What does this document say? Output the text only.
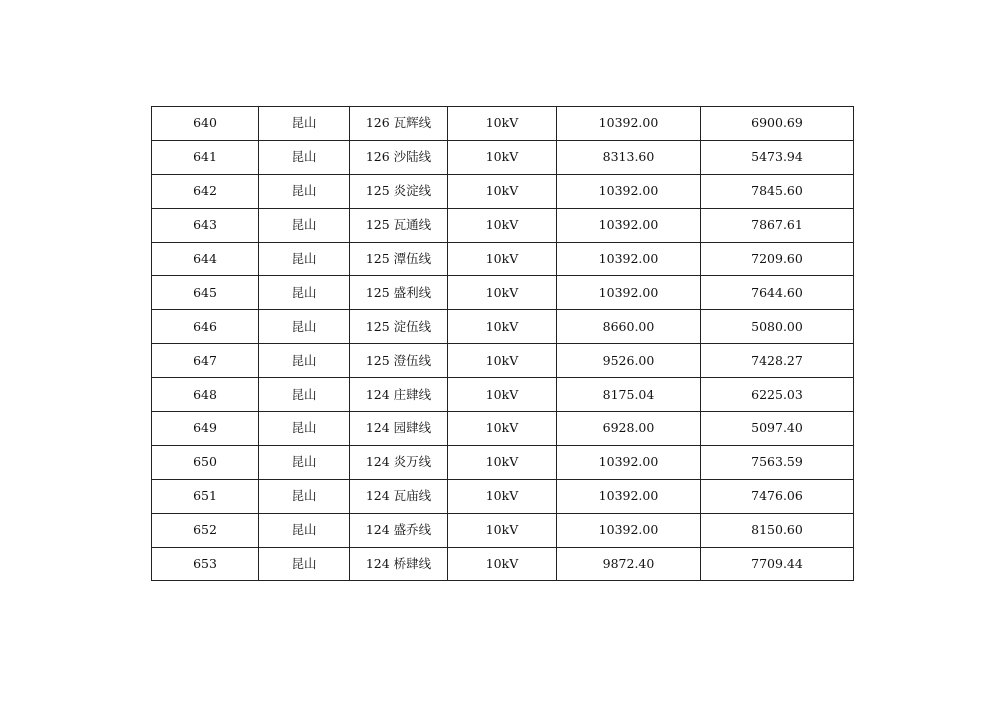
640	昆山	126 瓦辉线	10kV	10392.00	6900.69
641	昆山	126 沙陆线	10kV	8313.60	5473.94
642	昆山	125 炎淀线	10kV	10392.00	7845.60
643	昆山	125 瓦通线	10kV	10392.00	7867.61
644	昆山	125 潭伍线	10kV	10392.00	7209.60
645	昆山	125 盛利线	10kV	10392.00	7644.60
646	昆山	125 淀伍线	10kV	8660.00	5080.00
647	昆山	125 澄伍线	10kV	9526.00	7428.27
648	昆山	124 庄肆线	10kV	8175.04	6225.03
649	昆山	124 园肆线	10kV	6928.00	5097.40
650	昆山	124 炎万线	10kV	10392.00	7563.59
651	昆山	124 瓦庙线	10kV	10392.00	7476.06
652	昆山	124 盛乔线	10kV	10392.00	8150.60
653	昆山	124 桥肆线	10kV	9872.40	7709.44
